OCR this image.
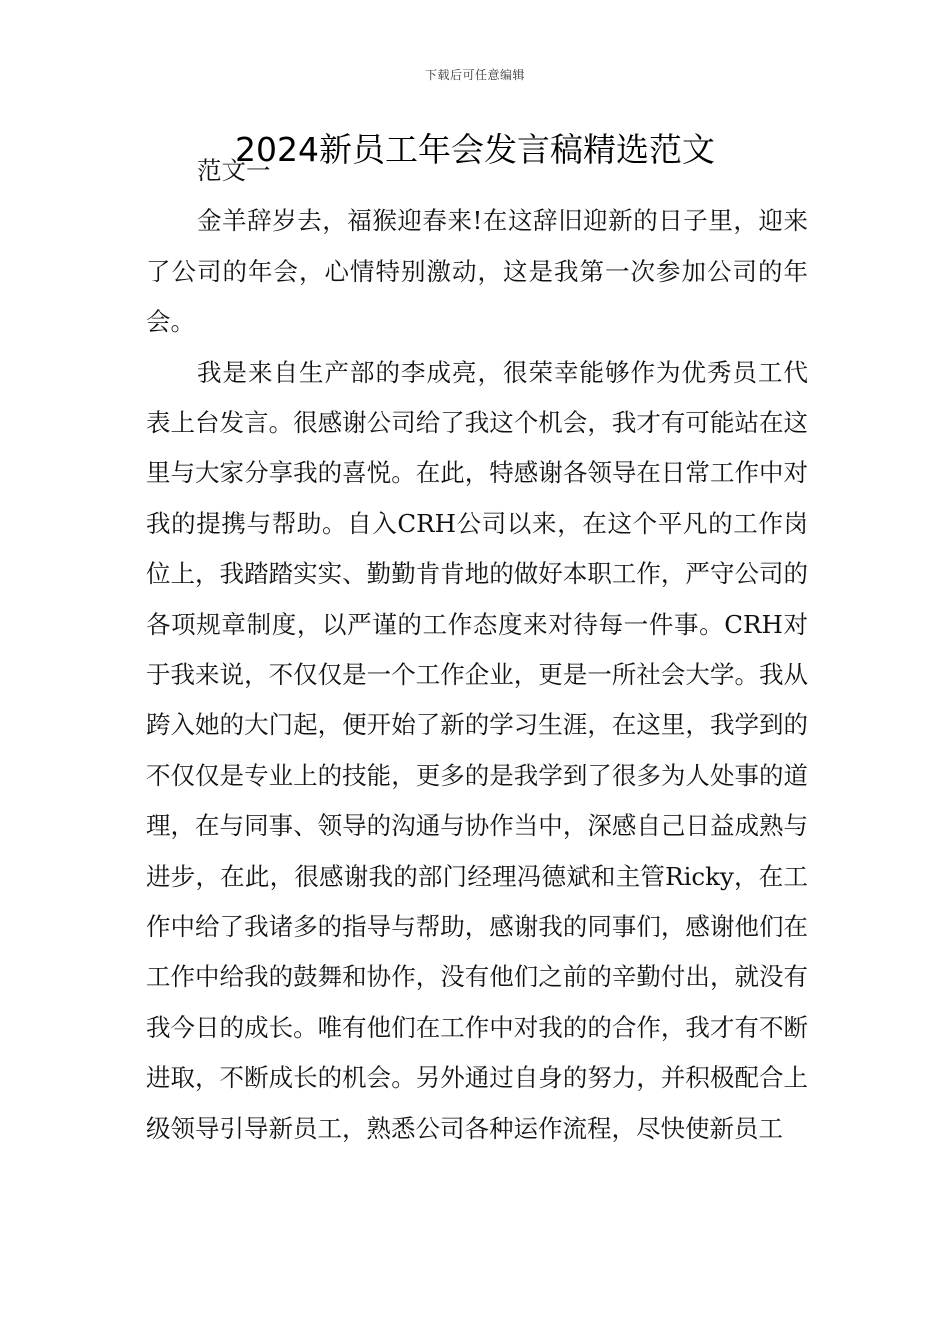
下载后可任意编辑
2024新员工年会发言稿精选范文

范文一

金羊辞岁去，福猴迎春来!在这辞旧迎新的日子里，迎来了公司的年会，心情特别激动，这是我第一次参加公司的年会。

我是来自生产部的李成亮，很荣幸能够作为优秀员工代表上台发言。很感谢公司给了我这个机会，我才有可能站在这里与大家分享我的喜悦。在此，特感谢各领导在日常工作中对我的提携与帮助。自入CRH公司以来，在这个平凡的工作岗位上，我踏踏实实、勤勤肯肯地的做好本职工作，严守公司的各项规章制度，以严谨的工作态度来对待每一件事。CRH对于我来说，不仅仅是一个工作企业，更是一所社会大学。我从跨入她的大门起，便开始了新的学习生涯，在这里，我学到的不仅仅是专业上的技能，更多的是我学到了很多为人处事的道理，在与同事、领导的沟通与协作当中，深感自己日益成熟与进步，在此，很感谢我的部门经理冯德斌和主管Ricky，在工作中给了我诸多的指导与帮助，感谢我的同事们，感谢他们在工作中给我的鼓舞和协作，没有他们之前的辛勤付出，就没有我今日的成长。唯有他们在工作中对我的的合作，我才有不断进取，不断成长的机会。另外通过自身的努力，并积极配合上级领导引导新员工，熟悉公司各种运作流程，尽快使新员工
